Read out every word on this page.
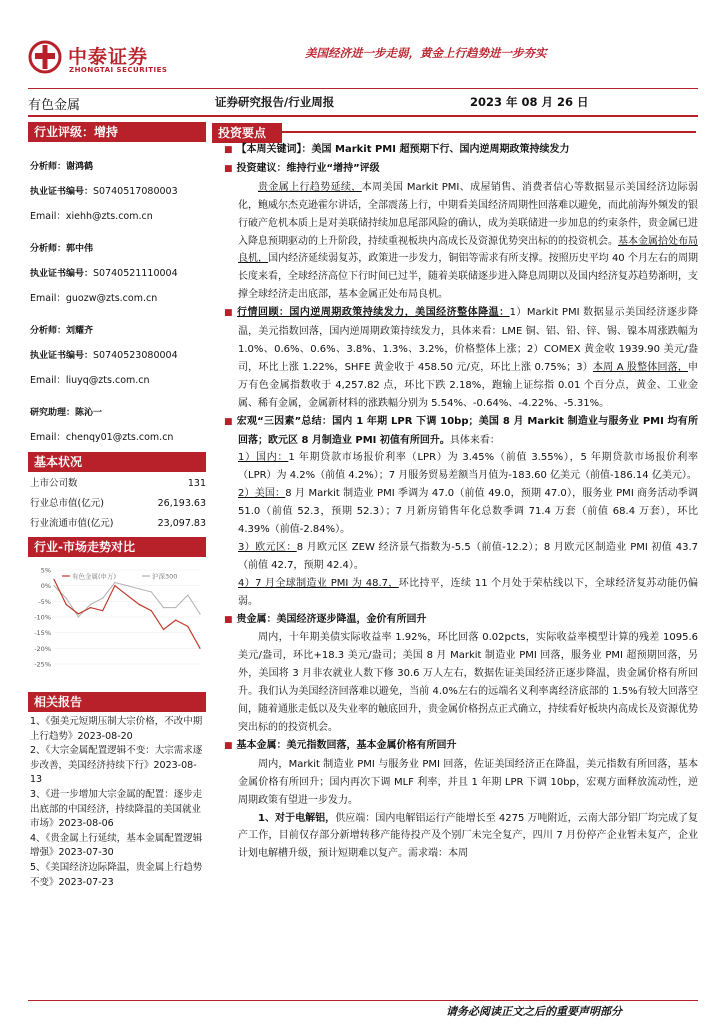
中泰证券
ZHONGTAI SECURITIES
美国经济进一步走弱，黄金上行趋势进一步夯实
有色金属	证券研究报告/行业周报	2023 年 08 月 26 日
行业评级：增持
分析师：谢鸿鹤
执业证书编号：S0740517080003
Email：xiehh@zts.com.cn
分析师：郭中伟
执业证书编号：S0740521110004
Email：guozw@zts.com.cn
分析师：刘耀齐
执业证书编号：S0740523080004
Email：liuyq@zts.com.cn
研究助理：陈沁一
Email：chenqy01@zts.com.cn
基本状况
上市公司数	131
行业总市值(亿元)	26,193.63
行业流通市值(亿元)	23,097.83
行业-市场走势对比
5%
0%
-5%
-10%
-15%
-20%
-25%
有色金属(申万)	沪深300
相关报告
1、《强美元短期压制大宗价格，不改中期上行趋势》2023-08-20
2、《大宗金属配置逻辑不变：大宗需求逐步改善，美国经济持续下行》2023-08-13
3、《进一步增加大宗金属的配置：逐步走出底部的中国经济，持续降温的美国就业市场》2023-08-06
4、《贵金属上行延续，基本金属配置逻辑增强》2023-07-30
5、《美国经济边际降温，贵金属上行趋势不变》2023-07-23
投资要点

■ 【本周关键词】：美国 Markit PMI 超预期下行、国内逆周期政策持续发力

■ 投资建议：维持行业“增持”评级

贵金属上行趋势延续，本周美国 Markit PMI、成屋销售、消费者信心等数据显示美国经济边际弱化，鲍威尔杰克逊霍尔讲话，全部震荡上行，中期看美国经济周期性回落难以避免，而此前海外频发的银行破产危机本质上是对美联储持续加息尾部风险的确认，成为美联储进一步加息的约束条件，贵金属已进入降息预期驱动的上升阶段，持续重视板块内高成长及资源优势突出标的的投资机会。基本金属拾处布局良机，国内经济延续弱复苏，政策进一步发力，铜铝等需求有所支撑。按照历史平均 40 个月左右的周期长度来看，全球经济高位下行时间已过半，随着美联储逐步进入降息周期以及国内经济复苏趋势渐明，支撑全球经济走出底部，基本金属正处布局良机。

■ 行情回顾：国内逆周期政策持续发力，美国经济整体降温：1）Markit PMI 数据显示美国经济逐步降温，美元指数回落，国内逆周期政策持续发力，具体来看：LME 铜、铝、铅、锌、锡、镍本周涨跌幅为 1.0%、0.6%、0.6%、3.8%、1.3%、3.2%，价格整体上涨；2）COMEX 黄金收 1939.90 美元/盎司，环比上涨 1.22%，SHFE 黄金收于 458.50 元/克，环比上涨 0.75%；3）本周 A 股整体回落，申万有色金属指数收于 4,257.82 点，环比下跌 2.18%，跑输上证综指 0.01 个百分点，黄金、工业金属、稀有金属，金属新材料的涨跌幅分别为 5.54%、-0.64%、-4.22%、-5.31%。

■ 宏观“三因素”总结：国内 1 年期 LPR 下调 10bp；美国 8 月 Markit 制造业与服务业 PMI 均有所回落；欧元区 8 月制造业 PMI 初值有所回升。具体来看：

1）国内：1 年期贷款市场报价利率（LPR）为 3.45%（前值 3.55%），5 年期贷款市场报价利率（LPR）为 4.2%（前值 4.2%）；7 月服务贸易差额当月值为-183.60 亿美元（前值-186.14 亿美元）。

2）美国：8 月 Markit 制造业 PMI 季调为 47.0（前值 49.0，预期 47.0），服务业 PMI 商务活动季调 51.0（前值 52.3，预期 52.3）；7 月新房销售年化总数季调 71.4 万套（前值 68.4 万套），环比 4.39%（前值-2.84%）。

3）欧元区：8 月欧元区 ZEW 经济景气指数为-5.5（前值-12.2）；8 月欧元区制造业 PMI 初值 43.7（前值 42.7，预期 42.4）。

4）7 月全球制造业 PMI 为 48.7，环比持平，连续 11 个月处于荣枯线以下，全球经济复苏动能仍偏弱。

■ 贵金属：美国经济逐步降温，金价有所回升

周内，十年期美债实际收益率 1.92%，环比回落 0.02pcts，实际收益率模型计算的残差 1095.6 美元/盎司，环比+18.3 美元/盎司；美国 8 月 Markit 制造业 PMI 回落，服务业 PMI 超预期回落，另外，美国将 3 月非农就业人数下修 30.6 万人左右，数据佐证美国经济正逐步降温，贵金属价格有所回升。我们认为美国经济回落难以避免，当前 4.0%左右的远端名义利率离经济底部的 1.5%有较大回落空间，随着通胀走低以及失业率的触底回升，贵金属价格拐点正式确立，持续看好板块内高成长及资源优势突出标的的投资机会。

■ 基本金属：美元指数回落，基本金属价格有所回升

周内，Markit 制造业 PMI 与服务业 PMI 回落，佐证美国经济正在降温，美元指数有所回落，基本金属价格有所回升；国内再次下调 MLF 利率，并且 1 年期 LPR 下调 10bp，宏观方面释放流动性，逆周期政策有望进一步发力。

1、对于电解铝，供应端：国内电解铝运行产能增长至 4275 万吨附近，云南大部分铝厂均完成了复产工作，目前仅存部分新增转移产能待投产及个别厂未完全复产，四川 7 月份停产企业暂未复产，企业计划电解槽升级，预计短期难以复产。需求端：本周

请务必阅读正文之后的重要声明部分
